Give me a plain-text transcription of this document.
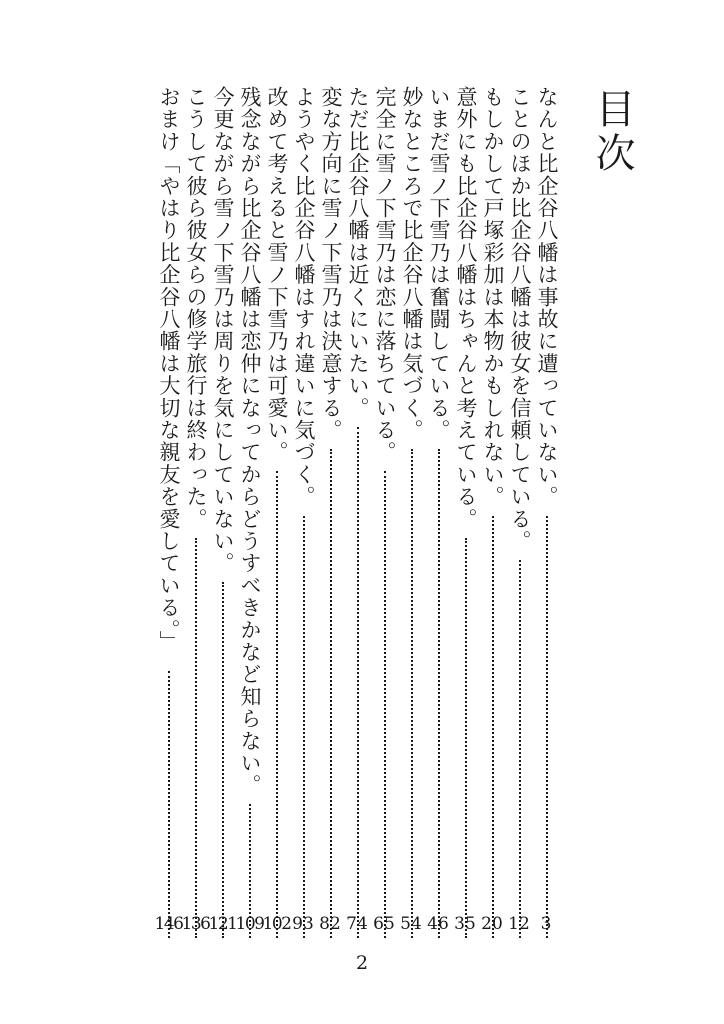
目次
なんと比企谷八幡は事故に遭っていない。
3
ことのほか比企谷八幡は彼女を信頼している。
12
もしかして戸塚彩加は本物かもしれない。
20
意外にも比企谷八幡はちゃんと考えている。
35
いまだ雪ノ下雪乃は奮闘している。
46
妙なところで比企谷八幡は気づく。
54
完全に雪ノ下雪乃は恋に落ちている。
65
ただ比企谷八幡は近くにいたい。
74
変な方向に雪ノ下雪乃は決意する。
82
ようやく比企谷八幡はすれ違いに気づく。
93
改めて考えると雪ノ下雪乃は可愛い。
102
残念ながら比企谷八幡は恋仲になってからどうすべきかなど知らない。
109
今更ながら雪ノ下雪乃は周りを気にしていない。
121
こうして彼ら彼女らの修学旅行は終わった。
136
おまけ「やはり比企谷八幡は大切な親友を愛している。」
146
2
